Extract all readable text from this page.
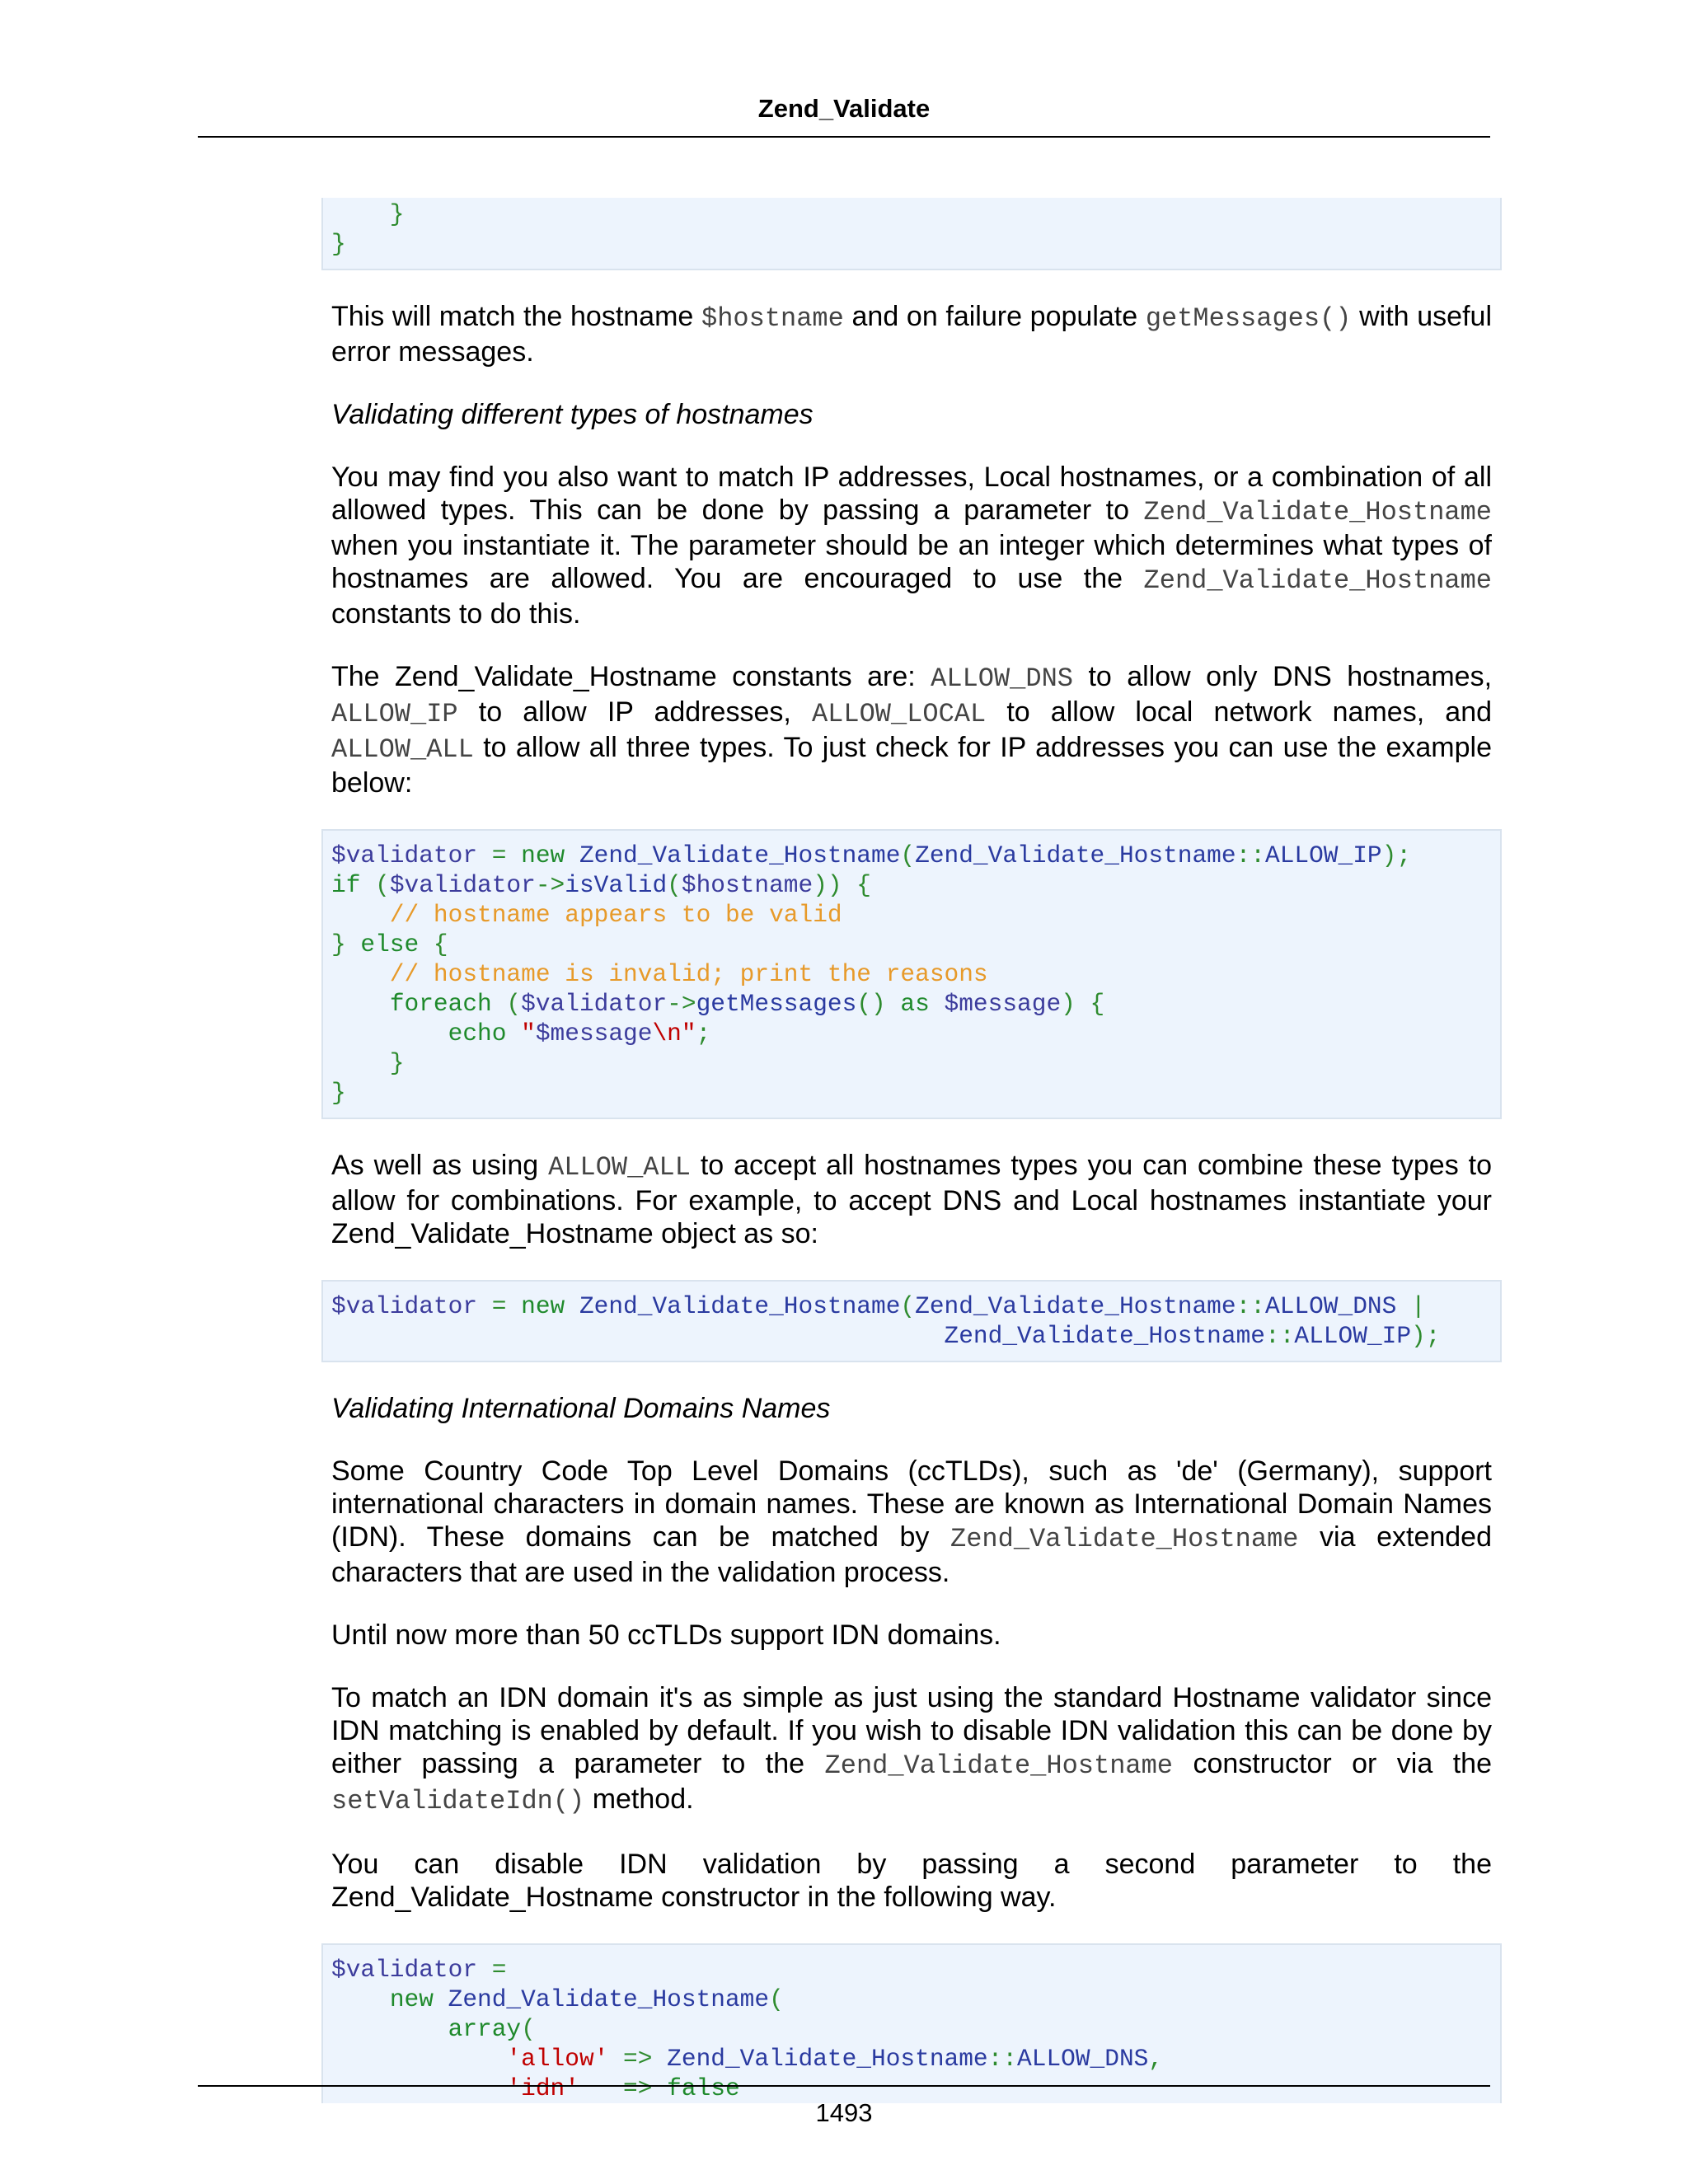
Zend_Validate
}
}

This will match the hostname $hostname and on failure populate getMessages() with useful error messages.

Validating different types of hostnames

You may find you also want to match IP addresses, Local hostnames, or a combination of all allowed types. This can be done by passing a parameter to Zend_Validate_Hostname when you instantiate it. The parameter should be an integer which determines what types of hostnames are allowed. You are encouraged to use the Zend_Validate_Hostname constants to do this.

The Zend_Validate_Hostname constants are: ALLOW_DNS to allow only DNS hostnames, ALLOW_IP to allow IP addresses, ALLOW_LOCAL to allow local network names, and ALLOW_ALL to allow all three types. To just check for IP addresses you can use the example below:

$validator = new Zend_Validate_Hostname(Zend_Validate_Hostname::ALLOW_IP);
if ($validator->isValid($hostname)) {
// hostname appears to be valid
} else {
// hostname is invalid; print the reasons
foreach ($validator->getMessages() as $message) {
echo "$message\n";
}
}

As well as using ALLOW_ALL to accept all hostnames types you can combine these types to allow for combinations. For example, to accept DNS and Local hostnames instantiate your Zend_Validate_Hostname object as so:

$validator = new Zend_Validate_Hostname(Zend_Validate_Hostname::ALLOW_DNS |
Zend_Validate_Hostname::ALLOW_IP);

Validating International Domains Names

Some Country Code Top Level Domains (ccTLDs), such as 'de' (Germany), support international characters in domain names. These are known as International Domain Names (IDN). These domains can be matched by Zend_Validate_Hostname via extended characters that are used in the validation process.

Until now more than 50 ccTLDs support IDN domains.

To match an IDN domain it's as simple as just using the standard Hostname validator since IDN matching is enabled by default. If you wish to disable IDN validation this can be done by either passing a parameter to the Zend_Validate_Hostname constructor or via the setValidateIdn() method.

You can disable IDN validation by passing a second parameter to the Zend_Validate_Hostname constructor in the following way.

$validator =
new Zend_Validate_Hostname(
array(
'allow' => Zend_Validate_Hostname::ALLOW_DNS,
'idn'   => false
1493
